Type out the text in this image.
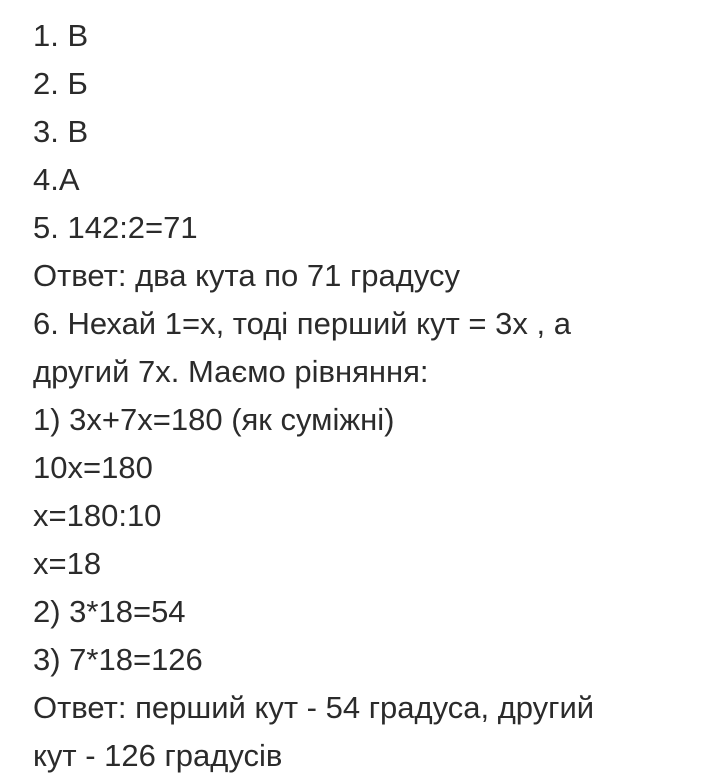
1. В
2. Б
3. В
4.А
5. 142:2=71
Ответ: два кута по 71 градусу
6. Нехай 1=х, тоді перший кут = 3х , а
другий 7х. Маємо рівняння:
1) 3х+7х=180 (як суміжні)
10х=180
х=180:10
х=18
2) 3*18=54
3) 7*18=126
Ответ: перший кут - 54 градуса, другий
кут - 126 градусів
